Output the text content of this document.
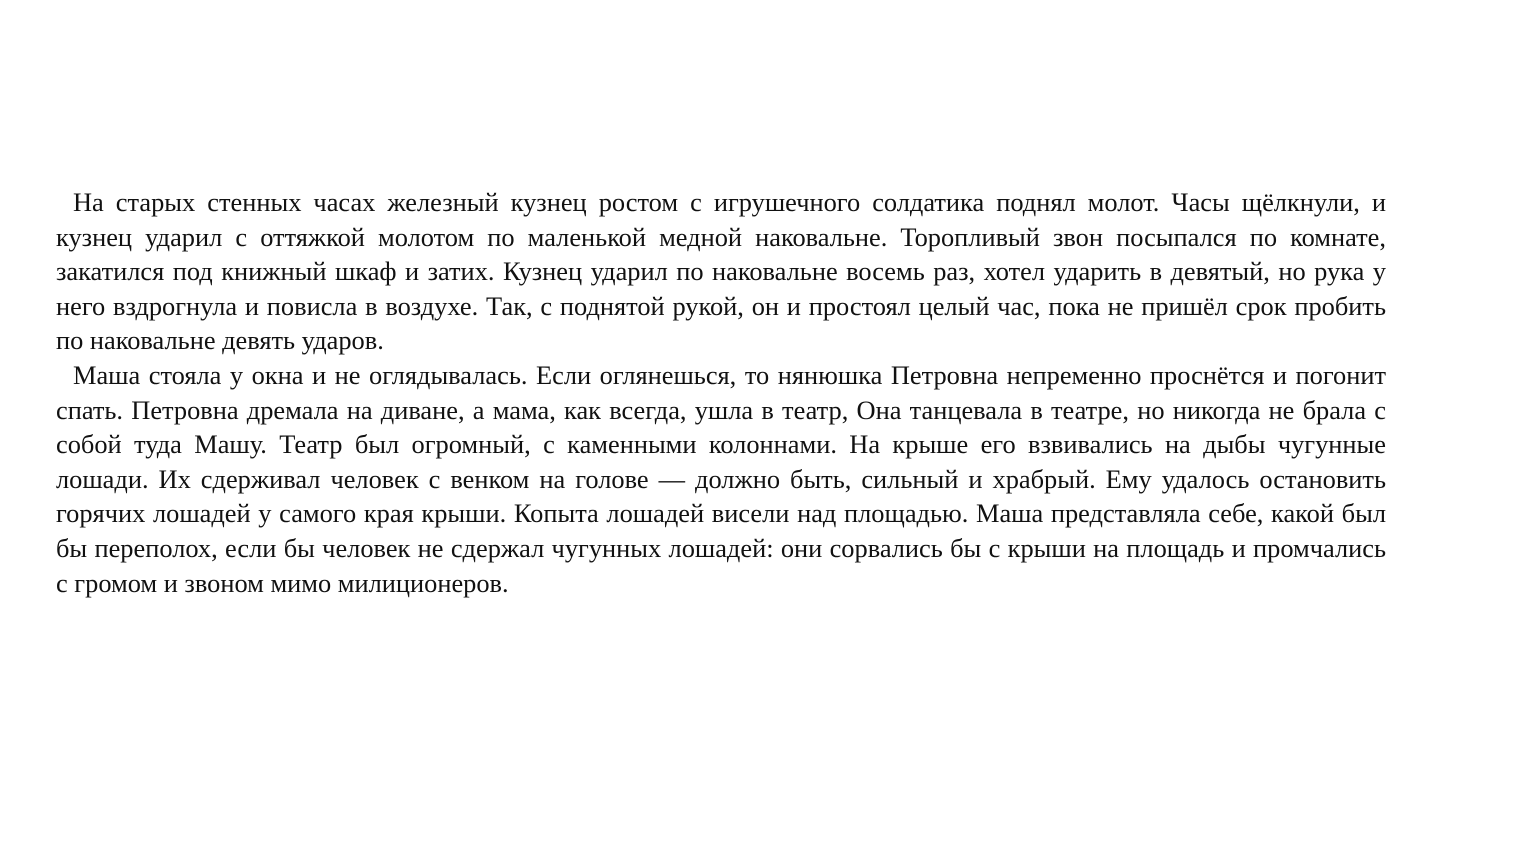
На старых стенных часах железный кузнец ростом с игрушечного солдатика поднял молот. Часы щёлкнули, и кузнец ударил с оттяжкой молотом по маленькой медной наковальне. Торопливый звон посыпался по комнате, закатился под книжный шкаф и затих. Кузнец ударил по наковальне восемь раз, хотел ударить в девятый, но рука у него вздрогнула и повисла в воздухе. Так, с поднятой рукой, он и простоял целый час, пока не пришёл срок пробить по наковальне девять ударов.

Маша стояла у окна и не оглядывалась. Если оглянешься, то нянюшка Петровна непременно проснётся и погонит спать. Петровна дремала на диване, а мама, как всегда, ушла в театр, Она танцевала в театре, но никогда не брала с собой туда Машу. Театр был огромный, с каменными колоннами. На крыше его взвивались на дыбы чугунные лошади. Их сдерживал человек с венком на голове — должно быть, сильный и храбрый. Ему удалось остановить горячих лошадей у самого края крыши. Копыта лошадей висели над площадью. Маша представляла себе, какой был бы переполох, если бы человек не сдержал чугунных лошадей: они сорвались бы с крыши на площадь и промчались с громом и звоном мимо милиционеров.
